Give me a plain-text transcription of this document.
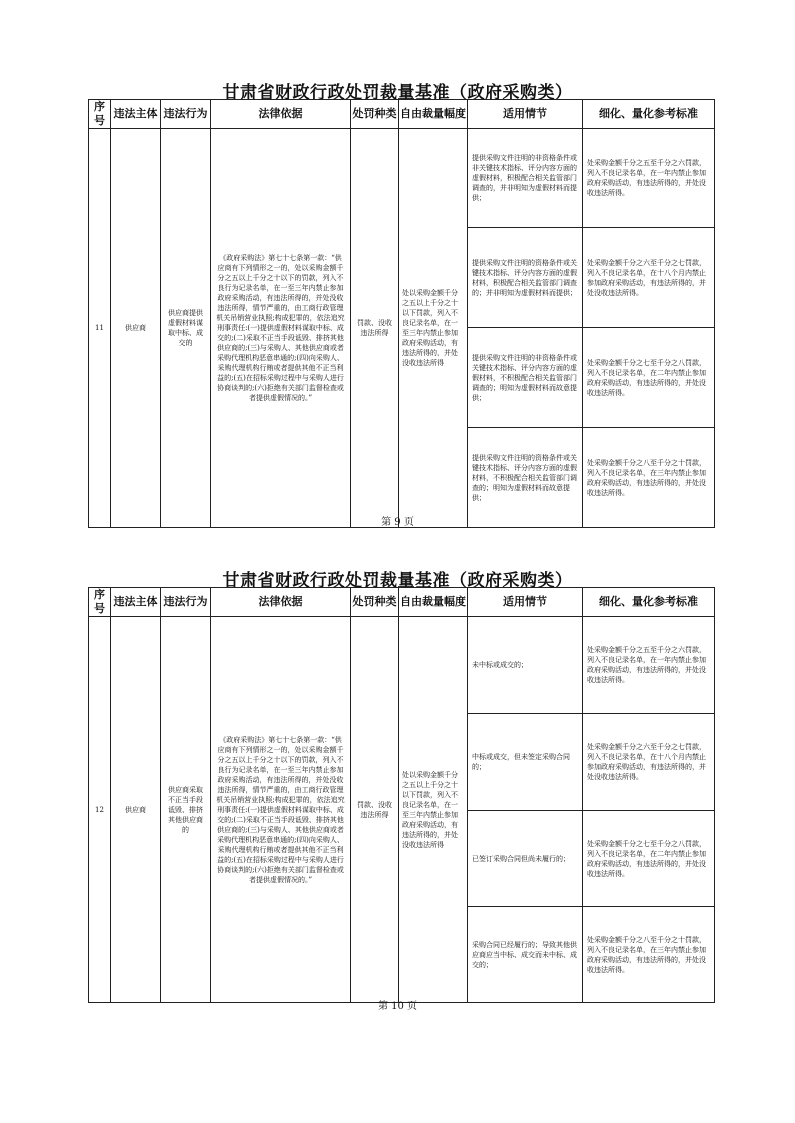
甘肃省财政行政处罚裁量基准（政府采购类）
序号	违法主体	违法行为	法律依据	处罚种类	自由裁量幅度	适用情节	细化、量化参考标准
11	供应商	供应商提供虚假材料谋取中标、成交的	《政府采购法》第七十七条第一款：“供应商有下列情形之一的，处以采购金额千分之五以上千分之十以下的罚款，列入不良行为记录名单，在一至三年内禁止参加政府采购活动，有违法所得的，并处没收违法所得，情节严重的，由工商行政管理机关吊销营业执照;构成犯罪的，依法追究刑事责任:(一)提供虚假材料谋取中标、成交的;(二)采取不正当手段诋毁、排挤其他供应商的;(三)与采购人、其他供应商或者采购代理机构恶意串通的;(四)向采购人、采购代理机构行贿或者提供其他不正当利益的;(五)在招标采购过程中与采购人进行协商谈判的;(六)拒绝有关部门监督检查或者提供虚假情况的。”	罚款、没收违法所得	处以采购金额千分之五以上千分之十以下罚款，列入不良记录名单，在一至三年内禁止参加政府采购活动，有违法所得的，并处没收违法所得	提供采购文件注明的非资格条件或非关键技术指标、评分内容方面的虚假材料，积极配合相关监管部门调查的，并非明知为虚假材料而提供；	处采购金额千分之五至千分之六罚款，列入不良记录名单，在一年内禁止参加政府采购活动，有违法所得的，并处没收违法所得。
						提供采购文件注明的资格条件或关键技术指标、评分内容方面的虚假材料，积极配合相关监管部门调查的；并非明知为虚假材料而提供；	处采购金额千分之六至千分之七罚款，列入不良记录名单，在十八个月内禁止参加政府采购活动，有违法所得的，并处没收违法所得。
						提供采购文件注明的非资格条件或关键技术指标、评分内容方面的虚假材料，不积极配合相关监管部门调查的；明知为虚假材料而故意提供；	处采购金额千分之七至千分之八罚款，列入不良记录名单，在二年内禁止参加政府采购活动，有违法所得的，并处没收违法所得。
						提供采购文件注明的资格条件或关键技术指标、评分内容方面的虚假材料，不积极配合相关监管部门调查的；明知为虚假材料而故意提供；	处采购金额千分之八至千分之十罚款，列入不良记录名单，在三年内禁止参加政府采购活动，有违法所得的，并处没收违法所得。
第 9 页
甘肃省财政行政处罚裁量基准（政府采购类）
序号	违法主体	违法行为	法律依据	处罚种类	自由裁量幅度	适用情节	细化、量化参考标准
12	供应商	供应商采取不正当手段诋毁、排挤其他供应商的	《政府采购法》第七十七条第一款：“供应商有下列情形之一的，处以采购金额千分之五以上千分之十以下的罚款，列入不良行为记录名单，在一至三年内禁止参加政府采购活动，有违法所得的，并处没收违法所得，情节严重的，由工商行政管理机关吊销营业执照;构成犯罪的，依法追究刑事责任:(一)提供虚假材料谋取中标、成交的;(二)采取不正当手段诋毁、排挤其他供应商的;(三)与采购人、其他供应商或者采购代理机构恶意串通的;(四)向采购人、采购代理机构行贿或者提供其他不正当利益的;(五)在招标采购过程中与采购人进行协商谈判的;(六)拒绝有关部门监督检查或者提供虚假情况的。”	罚款、没收违法所得	处以采购金额千分之五以上千分之十以下罚款，列入不良记录名单，在一至三年内禁止参加政府采购活动，有违法所得的，并处没收违法所得	未中标或成交的；	处采购金额千分之五至千分之六罚款，列入不良记录名单，在一年内禁止参加政府采购活动，有违法所得的，并处没收违法所得。
						中标或成交，但未签定采购合同的；	处采购金额千分之六至千分之七罚款，列入不良记录名单，在十八个月内禁止参加政府采购活动，有违法所得的，并处没收违法所得。
						已签订采购合同但尚未履行的；	处采购金额千分之七至千分之八罚款，列入不良记录名单，在二年内禁止参加政府采购活动，有违法所得的，并处没收违法所得。
						采购合同已经履行的；导致其他供应商应当中标、成交而未中标、成交的；	处采购金额千分之八至千分之十罚款，列入不良记录名单，在三年内禁止参加政府采购活动，有违法所得的，并处没收违法所得。
第 10 页
